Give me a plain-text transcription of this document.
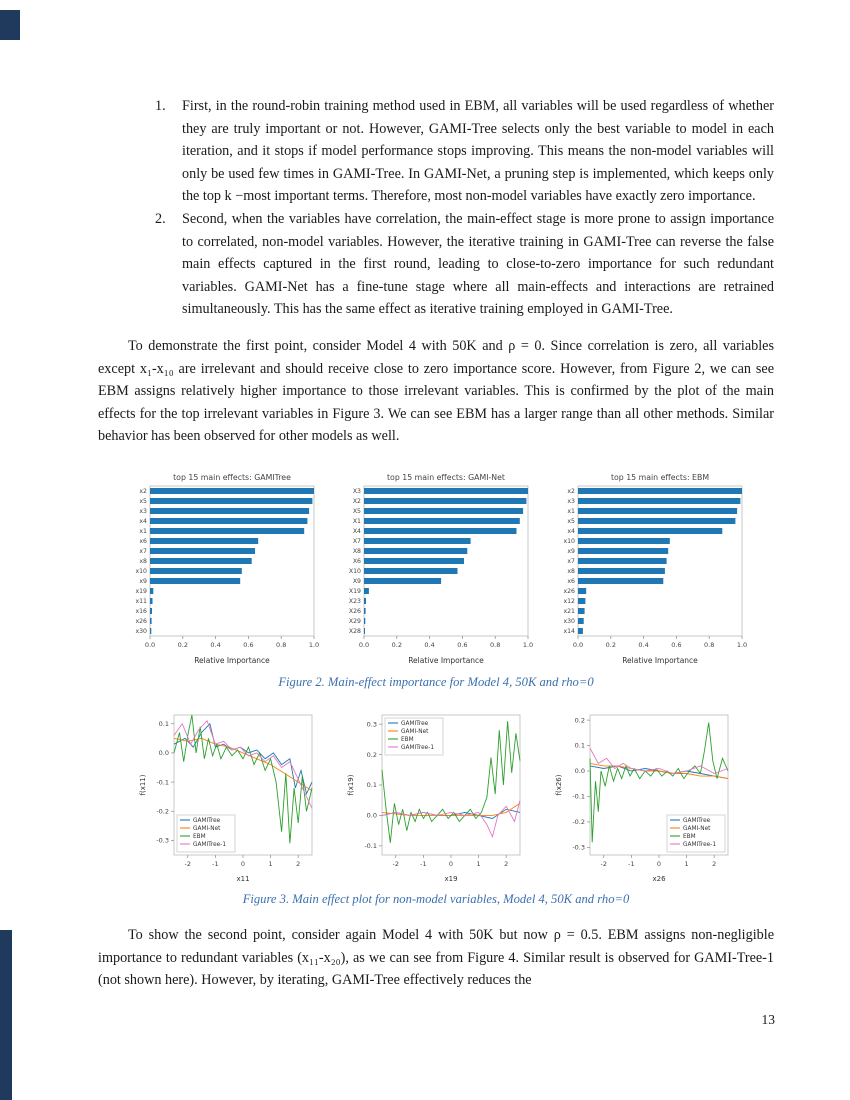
1.	First, in the round-robin training method used in EBM, all variables will be used regardless of whether they are truly important or not. However, GAMI-Tree selects only the best variable to model in each iteration, and it stops if model performance stops improving. This means the non-model variables will only be used few times in GAMI-Tree. In GAMI-Net, a pruning step is implemented, which keeps only the top k −most important terms. Therefore, most non-model variables have exactly zero importance.
2.	Second, when the variables have correlation, the main-effect stage is more prone to assign importance to correlated, non-model variables. However, the iterative training in GAMI-Tree can reverse the false main effects captured in the first round, leading to close-to-zero importance for such redundant variables. GAMI-Net has a fine-tune stage where all main-effects and interactions are retrained simultaneously. This has the same effect as iterative training employed in GAMI-Tree.

To demonstrate the first point, consider Model 4 with 50K and ρ = 0. Since correlation is zero, all variables except x₁-x₁₀ are irrelevant and should receive close to zero importance score. However, from Figure 2, we can see EBM assigns relatively higher importance to those irrelevant variables. This is confirmed by the plot of the main effects for the top irrelevant variables in Figure 3. We can see EBM has a larger range than all other methods. Similar behavior has been observed for other models as well.

top 15 main effects: GAMITree
0.0	0.2	0.4	0.6	0.8	1.0
Relative Importance
x2
x5
x3
x4
x1
x6
x7
x8
x10
x9
x19
x11
x16
x26
x30
top 15 main effects: GAMI-Net
0.0	0.2	0.4	0.6	0.8	1.0
Relative Importance
X3
X2
X5
X1
X4
X7
X8
X6
X10
X9
X19
X23
X26
X29
X28
top 15 main effects: EBM
0.0	0.2	0.4	0.6	0.8	1.0
Relative Importance
x2
x3
x1
x5
x4
x10
x9
x7
x8
x6
x26
x12
x21
x30
x14

Figure 2. Main-effect importance for Model 4, 50K and rho=0

-2	-1	0	1	2
0.1
0.0
-0.1
-0.2
-0.3
x11
f(x11)
GAMITree
GAMI-Net
EBM
GAMITree-1
-2	-1	0	1	2
0.3
0.2
0.1
0.0
-0.1
x19
f(x19)
GAMITree
GAMI-Net
EBM
GAMITree-1
-2	-1	0	1	2
0.2
0.1
0.0
-0.1
-0.2
-0.3
x26
f(x26)
GAMITree
GAMI-Net
EBM
GAMITree-1

Figure 3. Main effect plot for non-model variables, Model 4, 50K and rho=0

To show the second point, consider again Model 4 with 50K but now ρ = 0.5. EBM assigns non-negligible importance to redundant variables (x₁₁-x₂₀), as we can see from Figure 4. Similar result is observed for GAMI-Tree-1 (not shown here). However, by iterating, GAMI-Tree effectively reduces the

13
